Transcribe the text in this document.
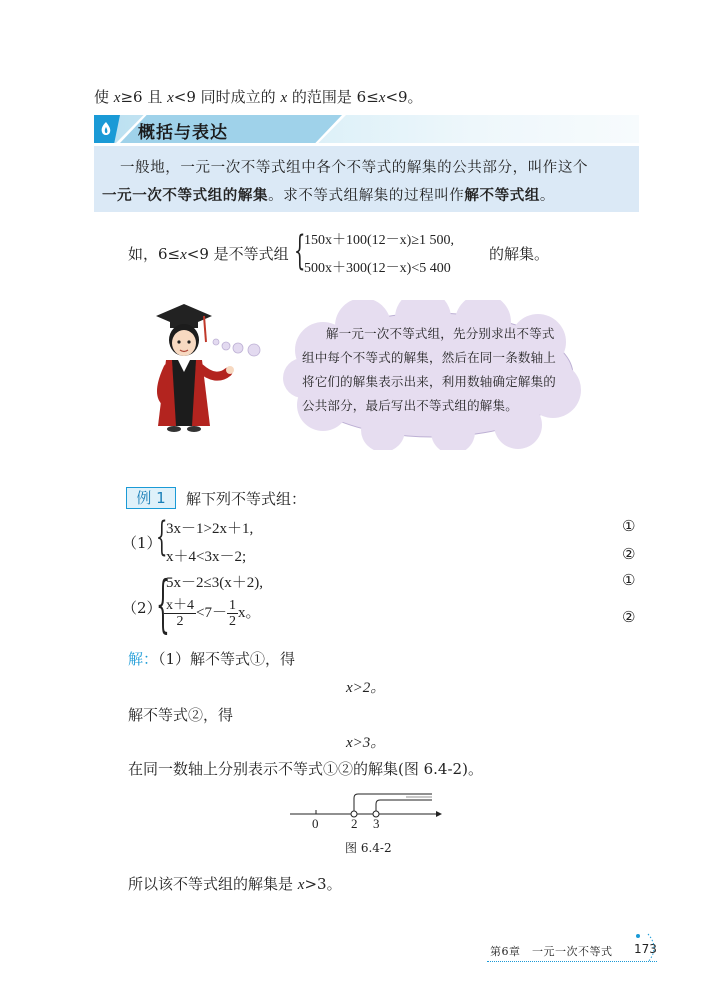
使 x≥6 且 x<9 同时成立的 x 的范围是 6≤x<9。
概括与表达
一般地，一元一次不等式组中各个不等式的解集的公共部分，叫作这个
一元一次不等式组的解集。求不等式组解集的过程叫作解不等式组。
如，6≤x<9 是不等式组 {
150x＋100(12－x)≥1 500,
500x＋300(12－x)<5 400
的解集。
解一元一次不等式组，先分别求出不等式
组中每个不等式的解集，然后在同一条数轴上
将它们的解集表示出来，利用数轴确定解集的
公共部分，最后写出不等式组的解集。
例 1	解下列不等式组：
（1）
{
3x－1>2x＋1,
x＋4<3x－2;
①
②
（2）
{
5x－2≤3(x＋2),
$\frac{x+4}{2} <7- \frac{1}{2}$ x。
①
②
解：（1）解不等式①，得
x>2。
解不等式②，得
x>3。
在同一数轴上分别表示不等式①②的解集(图 6.4-2)。
0	2 3
图 6.4-2
所以该不等式组的解集是 x>3。
第6章　一元一次不等式 173
